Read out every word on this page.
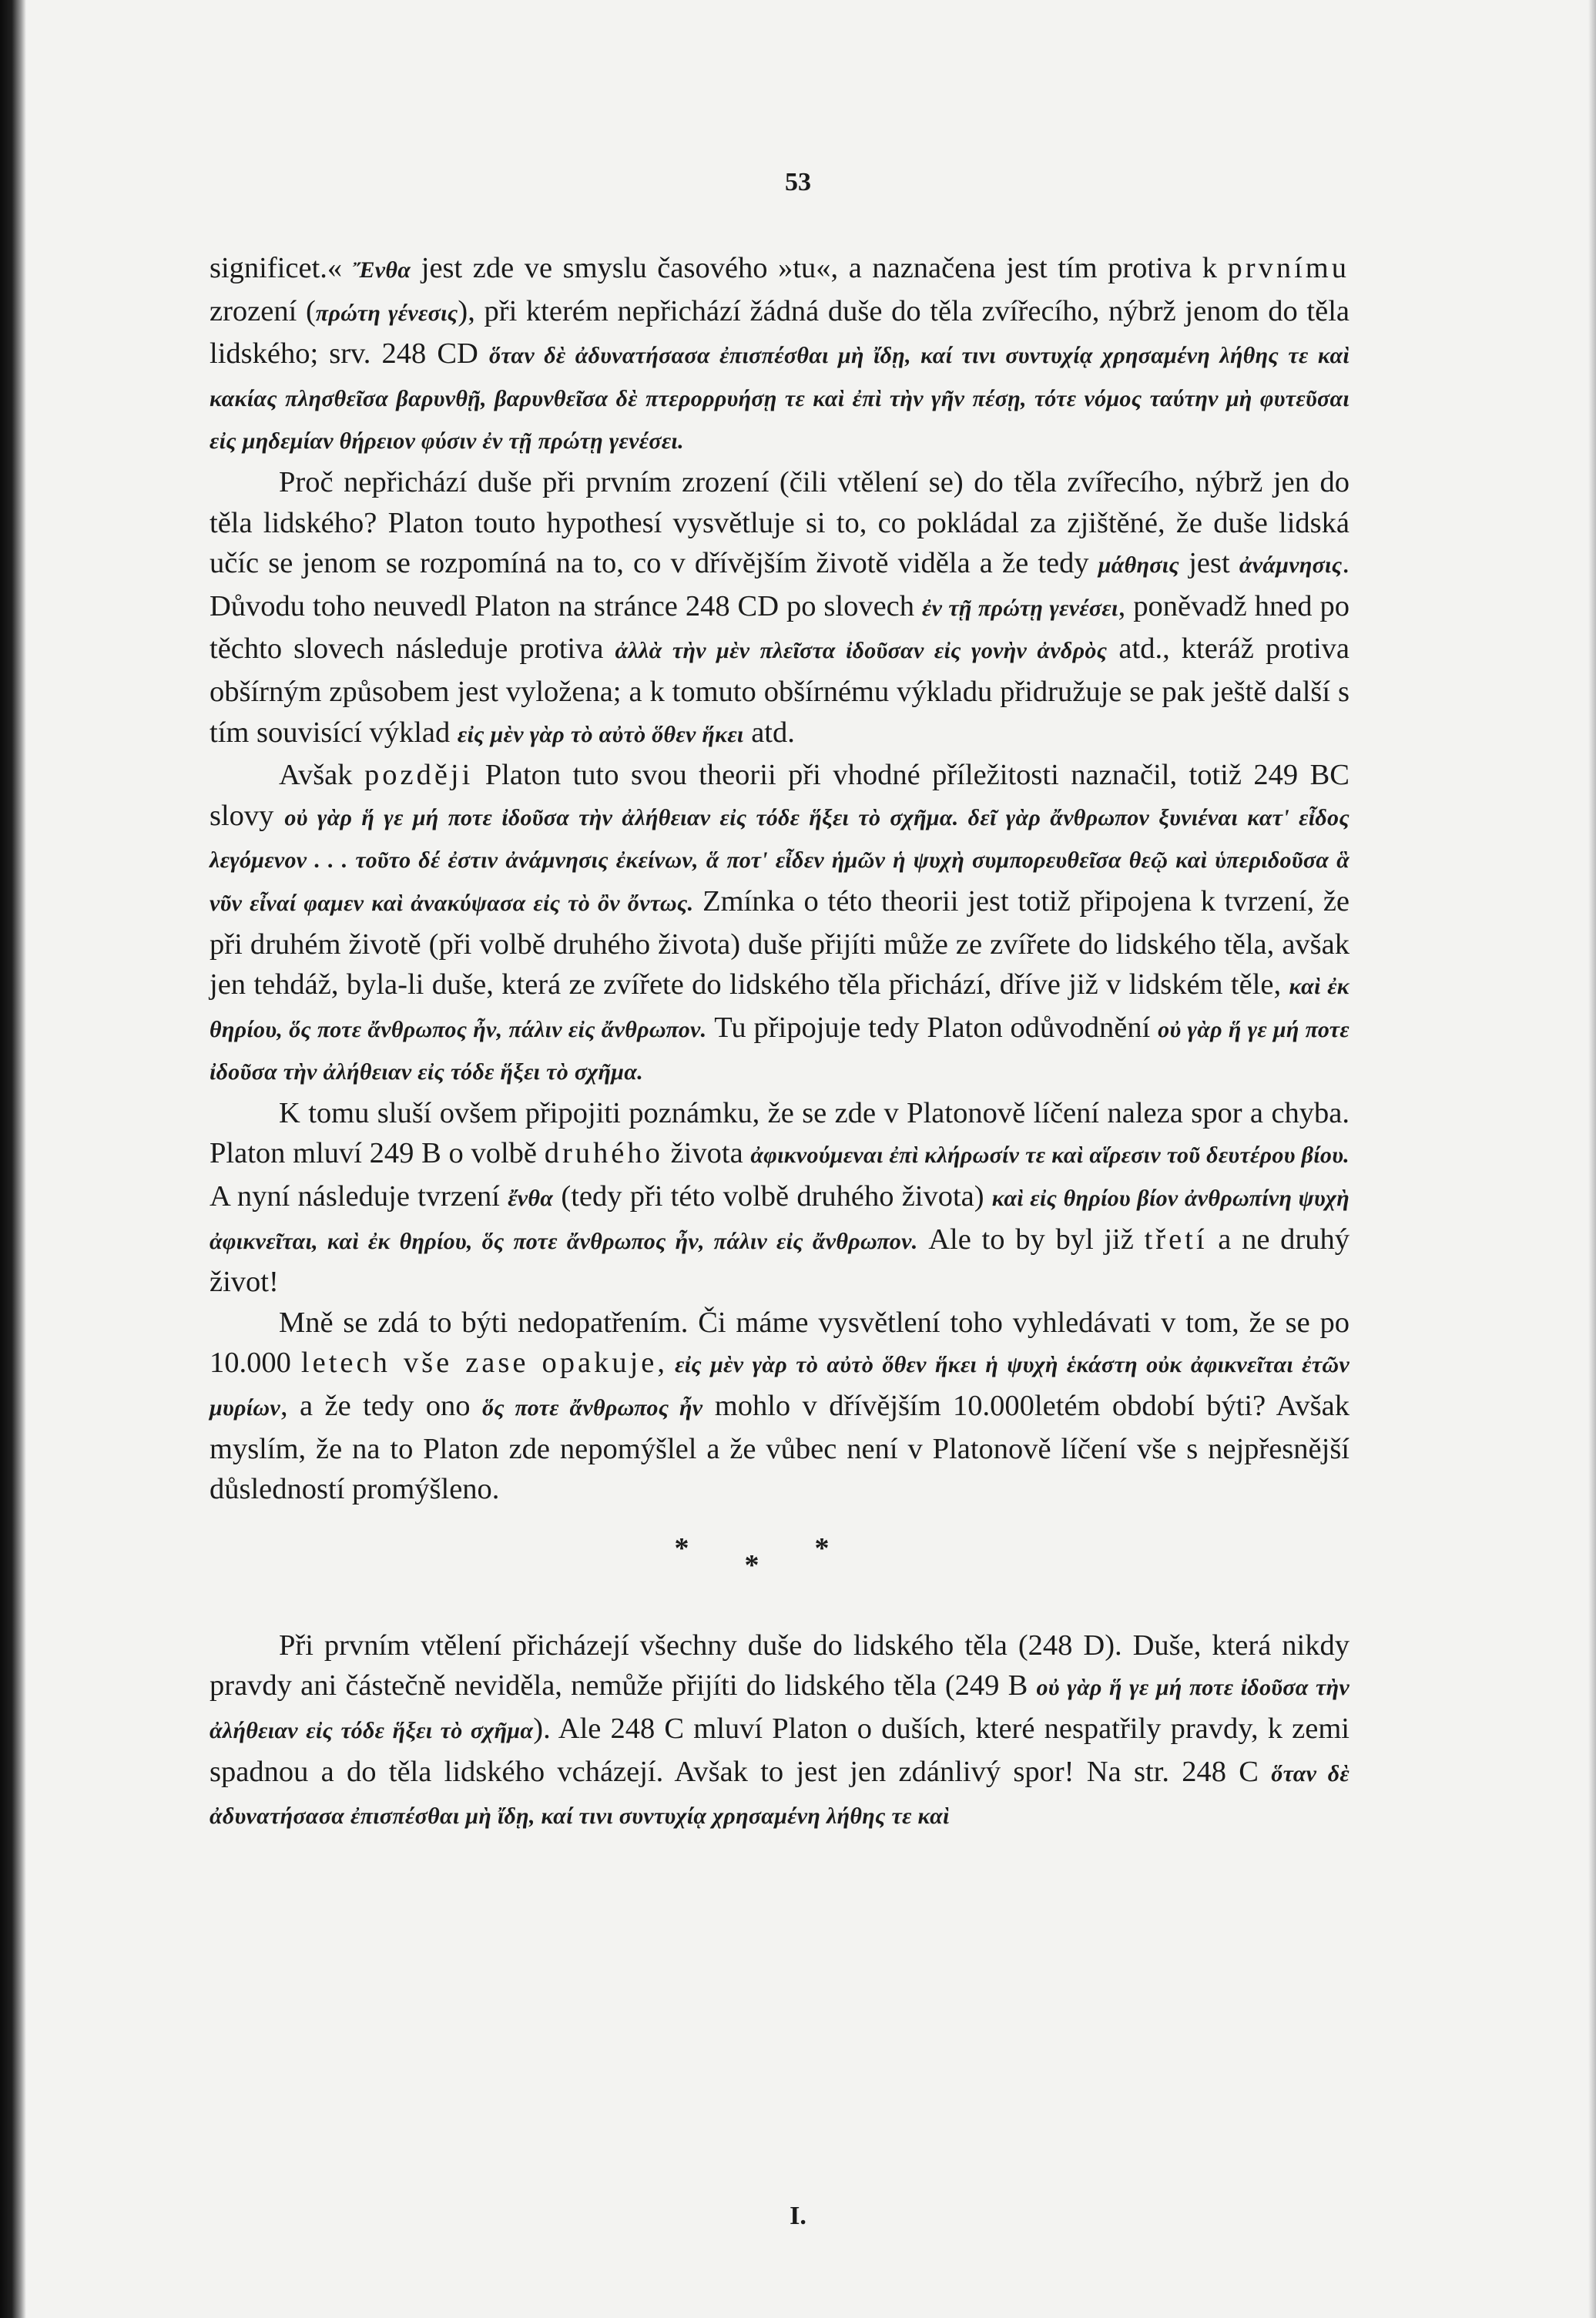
53

significet.« Ἔνθα jest zde ve smyslu časového »tu«, a naznačena jest tím protiva k prvnímu zrození (πρώτη γένεσις), při kterém nepřichází žádná duše do těla zvířecího, nýbrž jenom do těla lidského; srv. 248 CD ὅταν δὲ ἀδυνατήσασα ἐπισπέσθαι μὴ ἴδῃ, καί τινι συντυχίᾳ χρησαμένη λήθης τε καὶ κακίας πλησθεῖσα βαρυνθῇ, βαρυνθεῖσα δὲ πτερορρυήσῃ τε καὶ ἐπὶ τὴν γῆν πέσῃ, τότε νόμος ταύτην μὴ φυτεῦσαι εἰς μηδεμίαν θήρειον φύσιν ἐν τῇ πρώτῃ γενέσει.

Proč nepřichází duše při prvním zrození (čili vtělení se) do těla zvířecího, nýbrž jen do těla lidského? Platon touto hypothesí vysvětluje si to, co pokládal za zjištěné, že duše lidská učíc se jenom se rozpomíná na to, co v dřívějším životě viděla a že tedy μάθησις jest ἀνάμνησις. Důvodu toho neuvedl Platon na stránce 248 CD po slovech ἐν τῇ πρώτῃ γενέσει, poněvadž hned po těchto slovech následuje protiva ἀλλὰ τὴν μὲν πλεῖστα ἰδοῦσαν εἰς γονὴν ἀνδρὸς atd., kteráž protiva obšírným způsobem jest vyložena; a k tomuto obšírnému výkladu přidružuje se pak ještě další s tím souvisící výklad εἰς μὲν γὰρ τὸ αὐτὸ ὅθεν ἥκει atd.

Avšak později Platon tuto svou theorii při vhodné příležitosti naznačil, totiž 249 BC slovy οὐ γὰρ ἥ γε μή ποτε ἰδοῦσα τὴν ἀλήθειαν εἰς τόδε ἥξει τὸ σχῆμα. δεῖ γὰρ ἄνθρωπον ξυνιέναι κατ' εἶδος λεγόμενον . . . τοῦτο δέ ἐστιν ἀνάμνησις ἐκείνων, ἅ ποτ' εἶδεν ἡμῶν ἡ ψυχὴ συμπορευθεῖσα θεῷ καὶ ὑπεριδοῦσα ἃ νῦν εἶναί φαμεν καὶ ἀνακύψασα εἰς τὸ ὂν ὄντως. Zmínka o této theorii jest totiž připojena k tvrzení, že při druhém životě (při volbě druhého života) duše přijíti může ze zvířete do lidského těla, avšak jen tehdáž, byla-li duše, která ze zvířete do lidského těla přichází, dříve již v lidském těle, καὶ ἐκ θηρίου, ὅς ποτε ἄνθρωπος ἦν, πάλιν εἰς ἄνθρωπον. Tu připojuje tedy Platon odůvodnění οὐ γὰρ ἥ γε μή ποτε ἰδοῦσα τὴν ἀλήθειαν εἰς τόδε ἥξει τὸ σχῆμα.

K tomu sluší ovšem připojiti poznámku, že se zde v Platonově líčení naleza spor a chyba. Platon mluví 249 B o volbě druhého života ἀφικνούμεναι ἐπὶ κλήρωσίν τε καὶ αἵρεσιν τοῦ δευτέρου βίου. A nyní následuje tvrzení ἔνθα (tedy při této volbě druhého života) καὶ εἰς θηρίου βίον ἀνθρωπίνη ψυχὴ ἀφικνεῖται, καὶ ἐκ θηρίου, ὅς ποτε ἄνθρωπος ἦν, πάλιν εἰς ἄνθρωπον. Ale to by byl již třetí a ne druhý život!

Mně se zdá to býti nedopatřením. Či máme vysvětlení toho vyhledávati v tom, že se po 10.000 letech vše zase opakuje, εἰς μὲν γὰρ τὸ αὐτὸ ὅθεν ἥκει ἡ ψυχὴ ἑκάστη οὐκ ἀφικνεῖται ἐτῶν μυρίων, a že tedy ono ὅς ποτε ἄνθρωπος ἦν mohlo v dřívějším 10.000letém období býti? Avšak myslím, že na to Platon zde nepomýšlel a že vůbec není v Platonově líčení vše s nejpřesnější důsledností promýšleno.

***

Při prvním vtělení přicházejí všechny duše do lidského těla (248 D). Duše, která nikdy pravdy ani částečně neviděla, nemůže přijíti do lidského těla (249 B οὐ γὰρ ἥ γε μή ποτε ἰδοῦσα τὴν ἀλήθειαν εἰς τόδε ἥξει τὸ σχῆμα). Ale 248 C mluví Platon o duších, které nespatřily pravdy, k zemi spadnou a do těla lidského vcházejí. Avšak to jest jen zdánlivý spor! Na str. 248 C ὅταν δὲ ἀδυνατήσασα ἐπισπέσθαι μὴ ἴδῃ, καί τινι συντυχίᾳ χρησαμένη λήθης τε καὶ

I.
